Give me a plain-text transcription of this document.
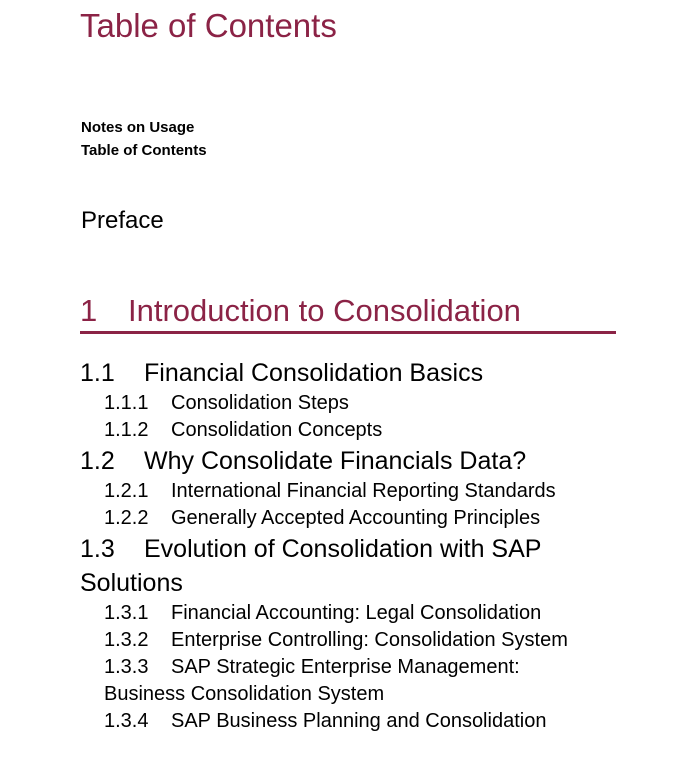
Table of Contents
Notes on Usage
Table of Contents
Preface
1 Introduction to Consolidation
1.1 Financial Consolidation Basics
1.1.1 Consolidation Steps
1.1.2 Consolidation Concepts
1.2 Why Consolidate Financials Data?
1.2.1 International Financial Reporting Standards
1.2.2 Generally Accepted Accounting Principles
1.3 Evolution of Consolidation with SAP
Solutions
1.3.1 Financial Accounting: Legal Consolidation
1.3.2 Enterprise Controlling: Consolidation System
1.3.3 SAP Strategic Enterprise Management:
Business Consolidation System
1.3.4 SAP Business Planning and Consolidation
